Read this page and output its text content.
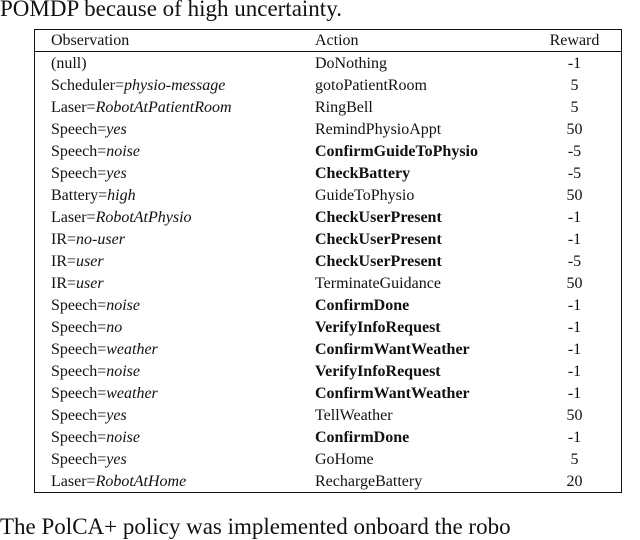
POMDP because of high uncertainty.
Observation	Action	Reward
(null)	DoNothing	-1
Scheduler=physio-message	gotoPatientRoom	5
Laser=RobotAtPatientRoom	RingBell	5
Speech=yes	RemindPhysioAppt	50
Speech=noise	ConfirmGuideToPhysio	-5
Speech=yes	CheckBattery	-5
Battery=high	GuideToPhysio	50
Laser=RobotAtPhysio	CheckUserPresent	-1
IR=no-user	CheckUserPresent	-1
IR=user	CheckUserPresent	-5
IR=user	TerminateGuidance	50
Speech=noise	ConfirmDone	-1
Speech=no	VerifyInfoRequest	-1
Speech=weather	ConfirmWantWeather	-1
Speech=noise	VerifyInfoRequest	-1
Speech=weather	ConfirmWantWeather	-1
Speech=yes	TellWeather	50
Speech=noise	ConfirmDone	-1
Speech=yes	GoHome	5
Laser=RobotAtHome	RechargeBattery	20
The PolCA+ policy was implemented onboard the robo
